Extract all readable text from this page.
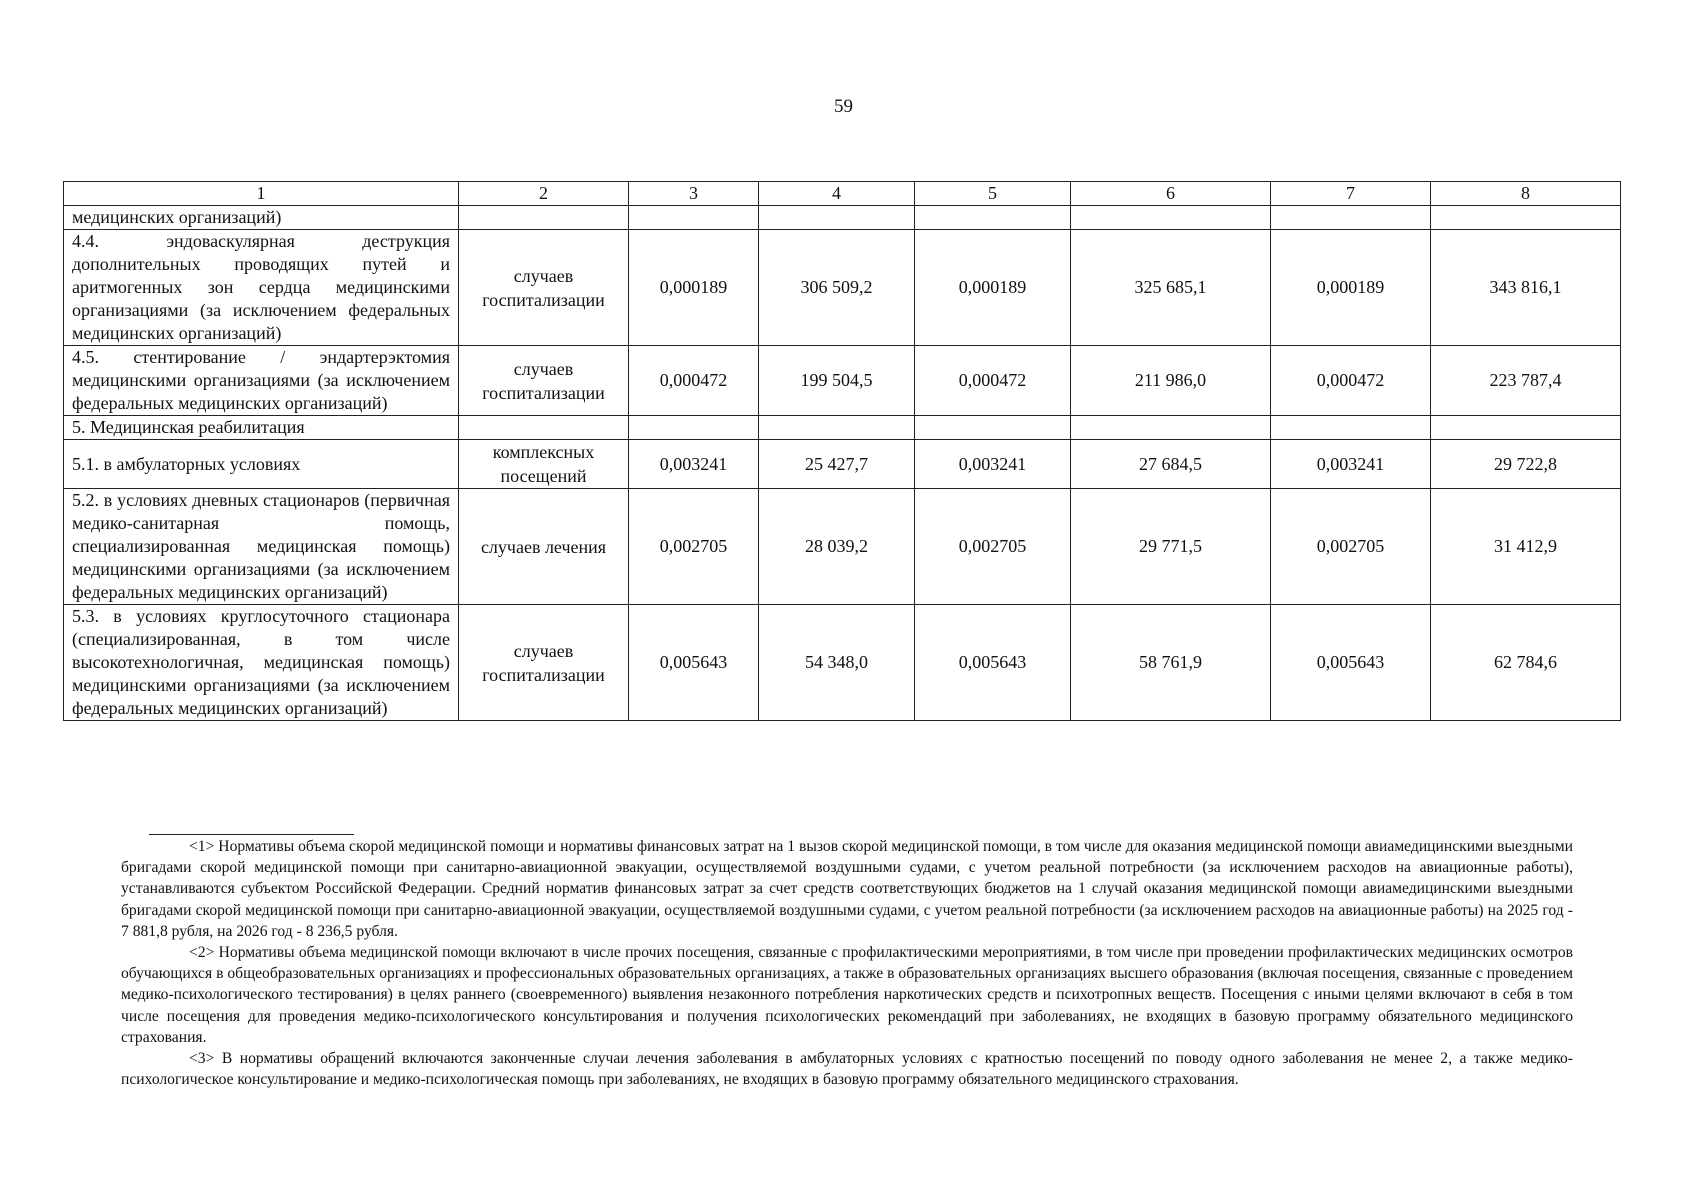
59
1	2	3	4	5	6	7	8
медицинских организаций)							
4.4. эндоваскулярная деструкция дополнительных проводящих путей и аритмогенных зон сердца медицинскими организациями (за исключением федеральных медицинских организаций)	случаев госпитализации	0,000189	306 509,2	0,000189	325 685,1	0,000189	343 816,1
4.5. стентирование / эндартерэктомия медицинскими организациями (за исключением федеральных медицинских организаций)	случаев госпитализации	0,000472	199 504,5	0,000472	211 986,0	0,000472	223 787,4
5. Медицинская реабилитация							
5.1. в амбулаторных условиях	комплексных посещений	0,003241	25 427,7	0,003241	27 684,5	0,003241	29 722,8
5.2. в условиях дневных стационаров (первичная медико-санитарная помощь, специализированная медицинская помощь) медицинскими организациями (за исключением федеральных медицинских организаций)	случаев лечения	0,002705	28 039,2	0,002705	29 771,5	0,002705	31 412,9
5.3. в условиях круглосуточного стационара (специализированная, в том числе высокотехнологичная, медицинская помощь) медицинскими организациями (за исключением федеральных медицинских организаций)	случаев госпитализации	0,005643	54 348,0	0,005643	58 761,9	0,005643	62 784,6

<1> Нормативы объема скорой медицинской помощи и нормативы финансовых затрат на 1 вызов скорой медицинской помощи, в том числе для оказания медицинской помощи авиамедицинскими выездными бригадами скорой медицинской помощи при санитарно-авиационной эвакуации, осуществляемой воздушными судами, с учетом реальной потребности (за исключением расходов на авиационные работы), устанавливаются субъектом Российской Федерации. Средний норматив финансовых затрат за счет средств соответствующих бюджетов на 1 случай оказания медицинской помощи авиамедицинскими выездными бригадами скорой медицинской помощи при санитарно-авиационной эвакуации, осуществляемой воздушными судами, с учетом реальной потребности (за исключением расходов на авиационные работы) на 2025 год - 7 881,8 рубля, на 2026 год - 8 236,5 рубля.

<2> Нормативы объема медицинской помощи включают в числе прочих посещения, связанные с профилактическими мероприятиями, в том числе при проведении профилактических медицинских осмотров обучающихся в общеобразовательных организациях и профессиональных образовательных организациях, а также в образовательных организациях высшего образования (включая посещения, связанные с проведением медико-психологического тестирования) в целях раннего (своевременного) выявления незаконного потребления наркотических средств и психотропных веществ. Посещения с иными целями включают в себя в том числе посещения для проведения медико-психологического консультирования и получения психологических рекомендаций при заболеваниях, не входящих в базовую программу обязательного медицинского страхования.

<3> В нормативы обращений включаются законченные случаи лечения заболевания в амбулаторных условиях с кратностью посещений по поводу одного заболевания не менее 2, а также медико-психологическое консультирование и медико-психологическая помощь при заболеваниях, не входящих в базовую программу обязательного медицинского страхования.
